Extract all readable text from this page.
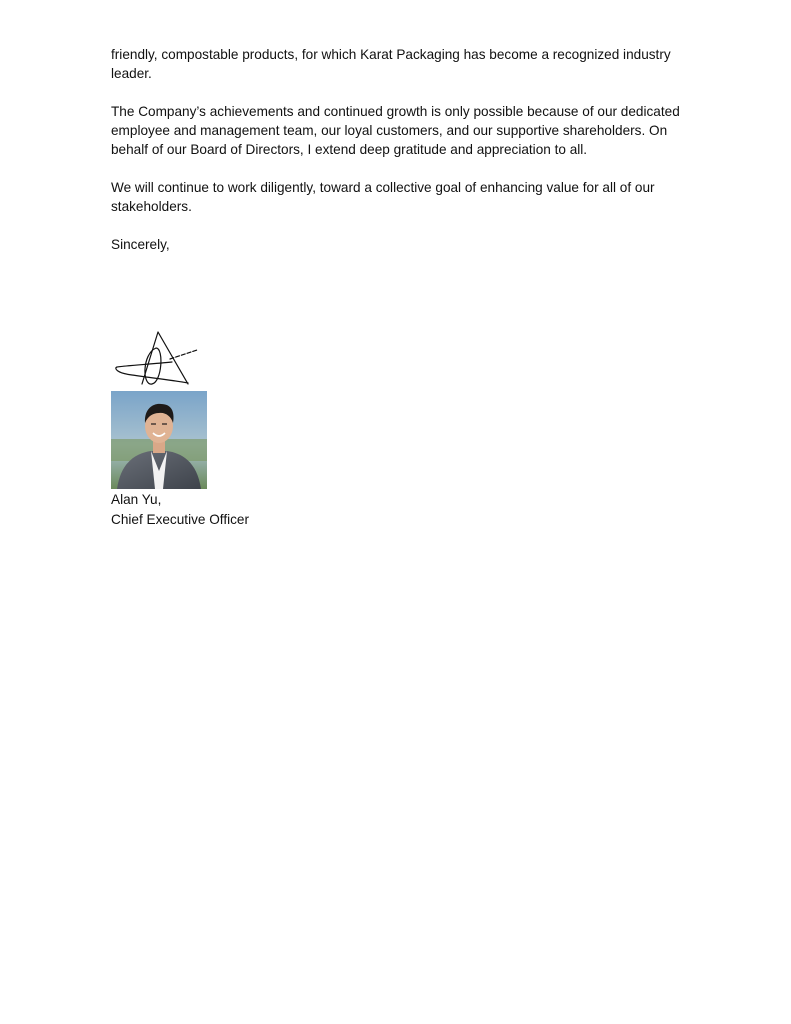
friendly, compostable products, for which Karat Packaging has become a recognized industry leader.

The Company’s achievements and continued growth is only possible because of our dedicated employee and management team, our loyal customers, and our supportive shareholders. On behalf of our Board of Directors, I extend deep gratitude and appreciation to all.

We will continue to work diligently, toward a collective goal of enhancing value for all of our stakeholders.

Sincerely,

Alan Yu,
Chief Executive Officer
